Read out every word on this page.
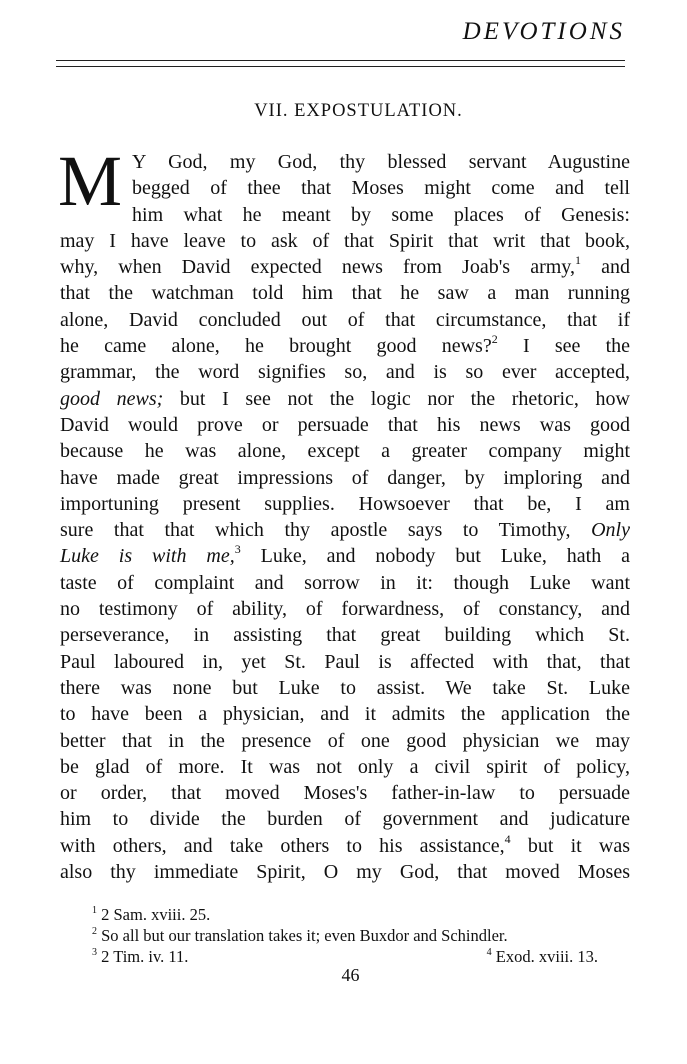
DEVOTIONS
VII. EXPOSTULATION.
M Y God, my God, thy blessed servant Augustine
begged of thee that Moses might come and tell
him what he meant by some places of Genesis:
may I have leave to ask of that Spirit that writ that book,
why, when David expected news from Joab's army,$^1$ and
that the watchman told him that he saw a man running
alone, David concluded out of that circumstance, that if
he came alone, he brought good news?$^2$ I see the
grammar, the word signifies so, and is so ever accepted,
good news; but I see not the logic nor the rhetoric, how
David would prove or persuade that his news was good
because he was alone, except a greater company might
have made great impressions of danger, by imploring and
importuning present supplies. Howsoever that be, I am
sure that that which thy apostle says to Timothy, Only
Luke is with me,$^3$ Luke, and nobody but Luke, hath a
taste of complaint and sorrow in it: though Luke want
no testimony of ability, of forwardness, of constancy, and
perseverance, in assisting that great building which St.
Paul laboured in, yet St. Paul is affected with that, that
there was none but Luke to assist. We take St. Luke
to have been a physician, and it admits the application the
better that in the presence of one good physician we may
be glad of more. It was not only a civil spirit of policy,
or order, that moved Moses's father-in-law to persuade
him to divide the burden of government and judicature
with others, and take others to his assistance,$^4$ but it was
also thy immediate Spirit, O my God, that moved Moses
$^1$ 2 Sam. xviii. 25.
$^2$ So all but our translation takes it; even Buxdor and Schindler.
$^3$ 2 Tim. iv. 11.	$^4$ Exod. xviii. 13.
46
